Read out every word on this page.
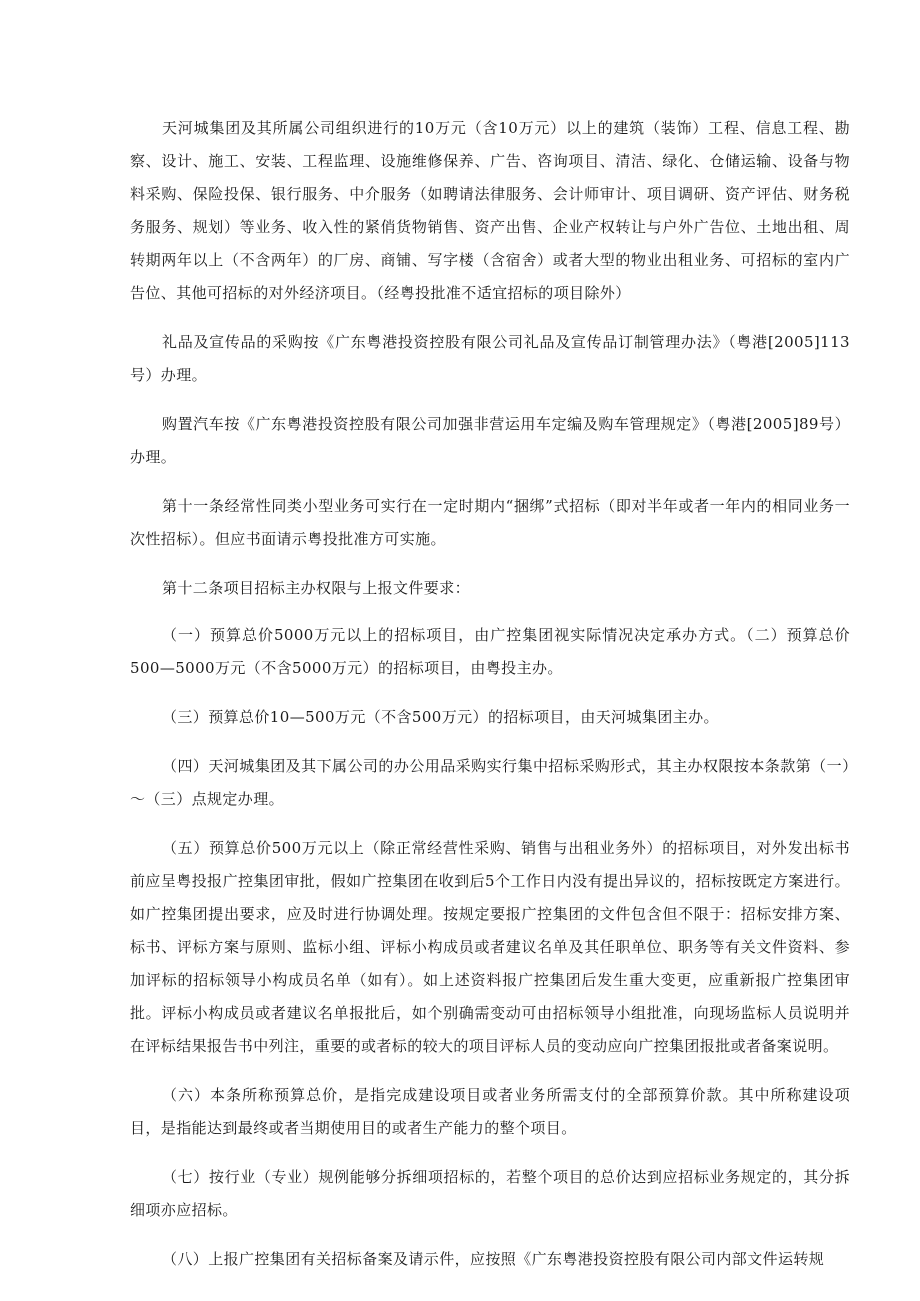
天河城集团及其所属公司组织进行的10万元（含10万元）以上的建筑（装饰）工程、信息工程、勘察、设计、施工、安装、工程监理、设施维修保养、广告、咨询项目、清洁、绿化、仓储运输、设备与物料采购、保险投保、银行服务、中介服务（如聘请法律服务、会计师审计、项目调研、资产评估、财务税务服务、规划）等业务、收入性的紧俏货物销售、资产出售、企业产权转让与户外广告位、土地出租、周转期两年以上（不含两年）的厂房、商铺、写字楼（含宿舍）或者大型的物业出租业务、可招标的室内广告位、其他可招标的对外经济项目。（经粤投批准不适宜招标的项目除外）

礼品及宣传品的采购按《广东粤港投资控股有限公司礼品及宣传品订制管理办法》（粤港[2005]113号）办理。

购置汽车按《广东粤港投资控股有限公司加强非营运用车定编及购车管理规定》（粤港[2005]89号）办理。

第十一条经常性同类小型业务可实行在一定时期内“捆绑”式招标（即对半年或者一年内的相同业务一次性招标）。但应书面请示粤投批准方可实施。

第十二条项目招标主办权限与上报文件要求：

（一）预算总价5000万元以上的招标项目，由广控集团视实际情况决定承办方式。（二）预算总价500—5000万元（不含5000万元）的招标项目，由粤投主办。

（三）预算总价10—500万元（不含500万元）的招标项目，由天河城集团主办。

（四）天河城集团及其下属公司的办公用品采购实行集中招标采购形式，其主办权限按本条款第（一）～（三）点规定办理。

（五）预算总价500万元以上（除正常经营性采购、销售与出租业务外）的招标项目，对外发出标书前应呈粤投报广控集团审批，假如广控集团在收到后5个工作日内没有提出异议的，招标按既定方案进行。如广控集团提出要求，应及时进行协调处理。按规定要报广控集团的文件包含但不限于：招标安排方案、标书、评标方案与原则、监标小组、评标小构成员或者建议名单及其任职单位、职务等有关文件资料、参加评标的招标领导小构成员名单（如有）。如上述资料报广控集团后发生重大变更，应重新报广控集团审批。评标小构成员或者建议名单报批后，如个别确需变动可由招标领导小组批准，向现场监标人员说明并在评标结果报告书中列注，重要的或者标的较大的项目评标人员的变动应向广控集团报批或者备案说明。

（六）本条所称预算总价，是指完成建设项目或者业务所需支付的全部预算价款。其中所称建设项目，是指能达到最终或者当期使用目的或者生产能力的整个项目。

（七）按行业（专业）规例能够分拆细项招标的，若整个项目的总价达到应招标业务规定的，其分拆细项亦应招标。

（八）上报广控集团有关招标备案及请示件，应按照《广东粤港投资控股有限公司内部文件运转规
